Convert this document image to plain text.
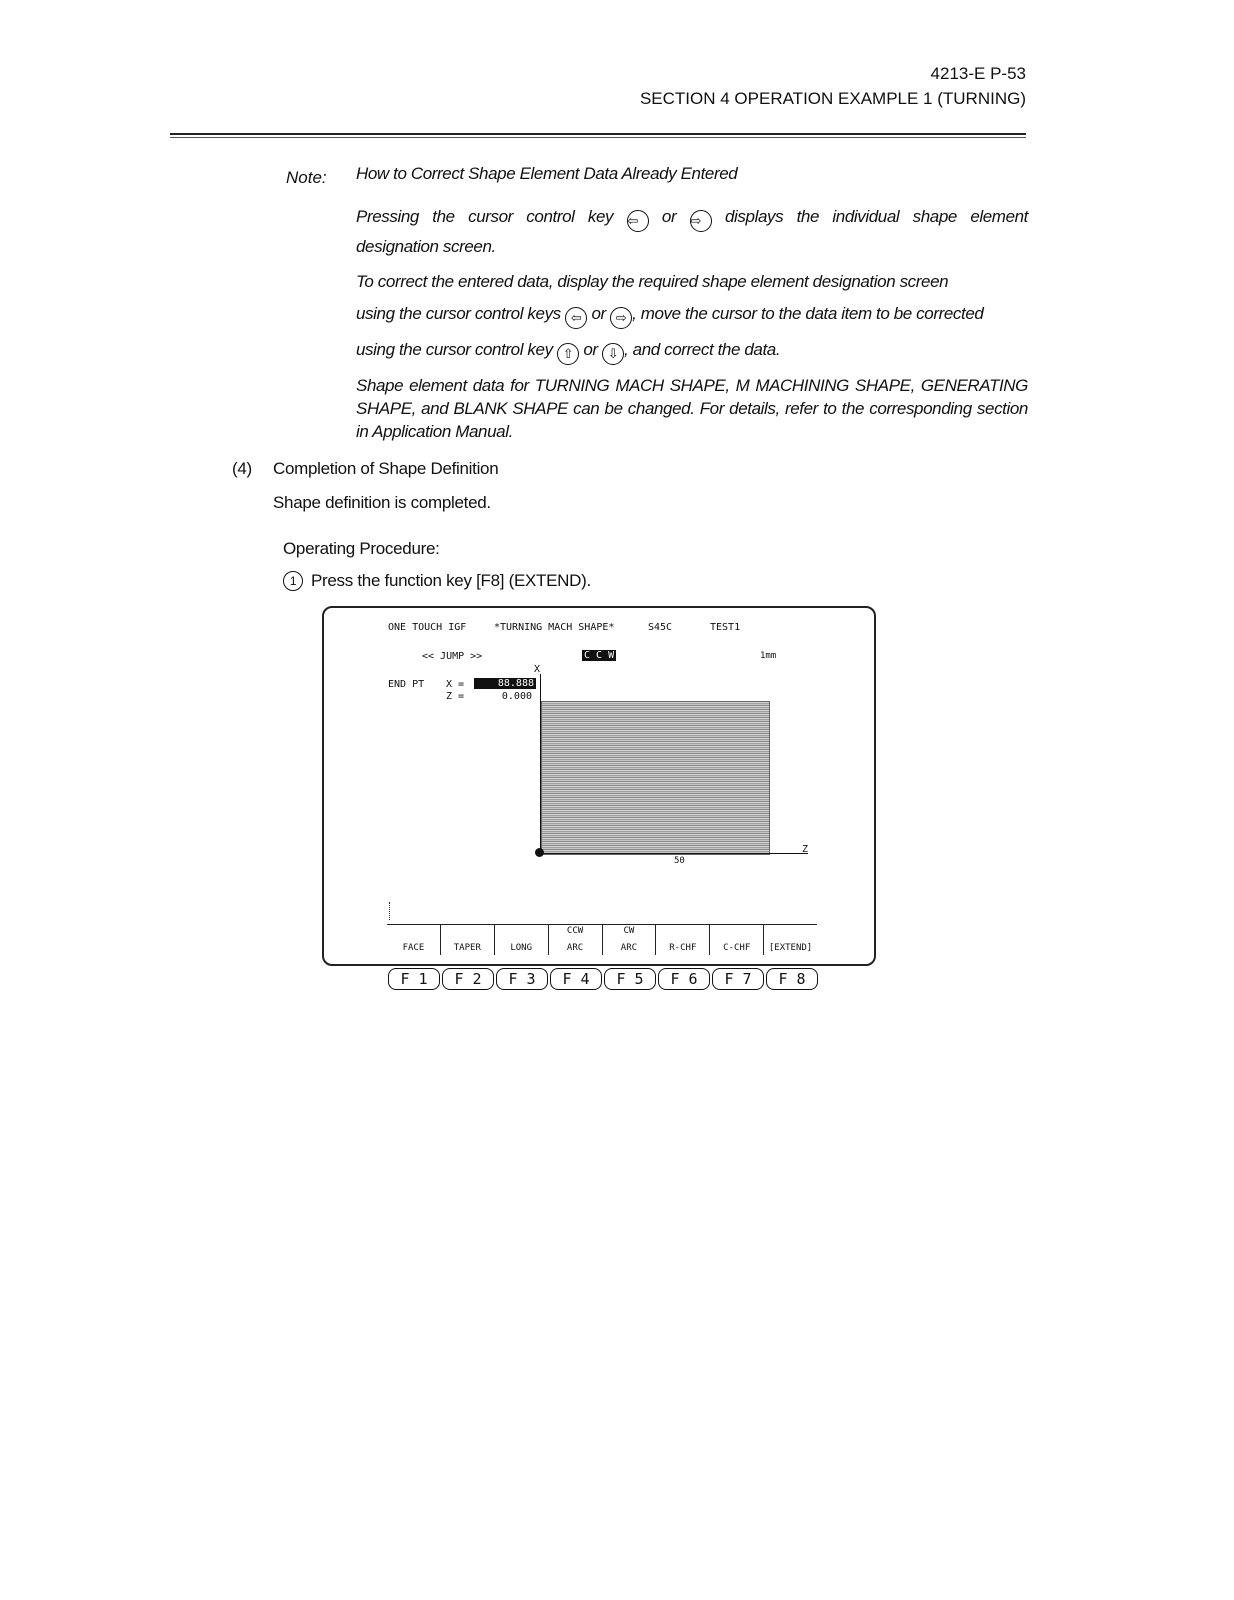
4213-E P-53
SECTION 4 OPERATION EXAMPLE 1 (TURNING)
Note: How to Correct Shape Element Data Already Entered

Pressing the cursor control key ⇦ or ⇨ displays the individual shape element

designation screen.

To correct the entered data, display the required shape element designation screen

using the cursor control keys ⇦ or ⇨ , move the cursor to the data item to be corrected

using the cursor control key ⇧ or ⇩ , and correct the data.

Shape element data for TURNING MACH SHAPE, M MACHINING SHAPE, GENERATING SHAPE, and BLANK SHAPE can be changed. For details, refer to the corresponding section in Application Manual.
(4) Completion of Shape Definition
Shape definition is completed.
Operating Procedure:
1 Press the function key [F8] (EXTEND).
ONE TOUCH IGF	*TURNING MACH SHAPE*	S45C	TEST1
<< JUMP >>	C C W	1mm
END PT X =	88.888
Z =	0.000
X
Z
50
FACE	TAPER	LONG
CCW
ARC
CW
ARC	R-CHF	C-CHF	[EXTEND]
F 1	F 2	F 3	F 4	F 5	F 6	F 7	F 8
